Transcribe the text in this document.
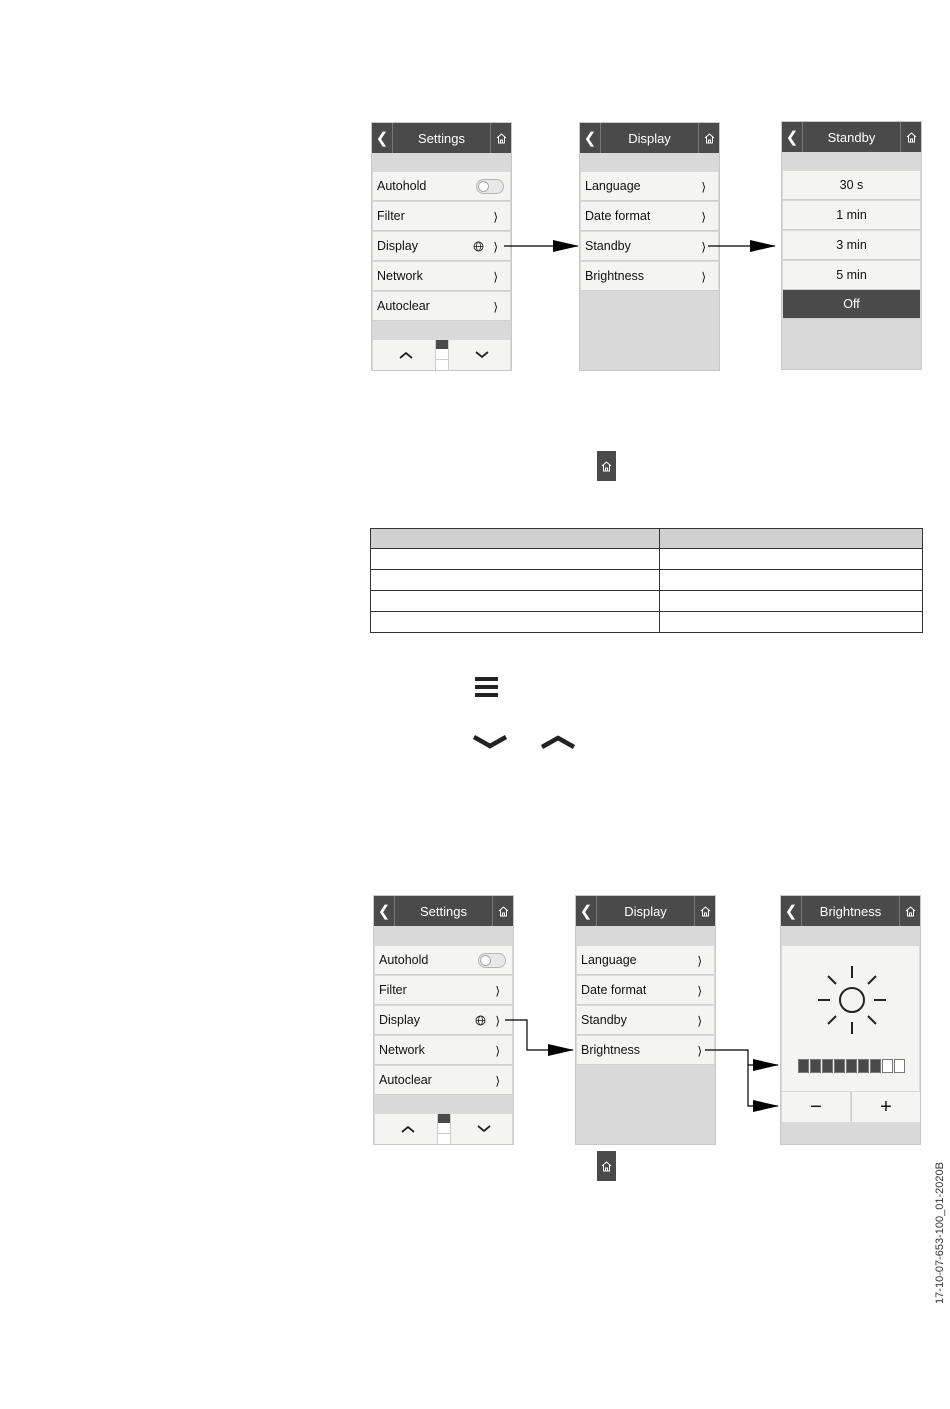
❮	Settings
Autohold
Filter	⟩
Display	⟩
Network	⟩
Autoclear	⟩
❮	Display
Language	⟩
Date format	⟩
Standby	⟩
Brightness	⟩
❮	Standby
30 s
1 min
3 min
5 min
Off

❮	Settings
Autohold
Filter	⟩
Display	⟩
Network	⟩
Autoclear	⟩
❮	Display
Language	⟩
Date format	⟩
Standby	⟩
Brightness	⟩
❮	Brightness
−	+
17-10-07-653-100_01-2020B
